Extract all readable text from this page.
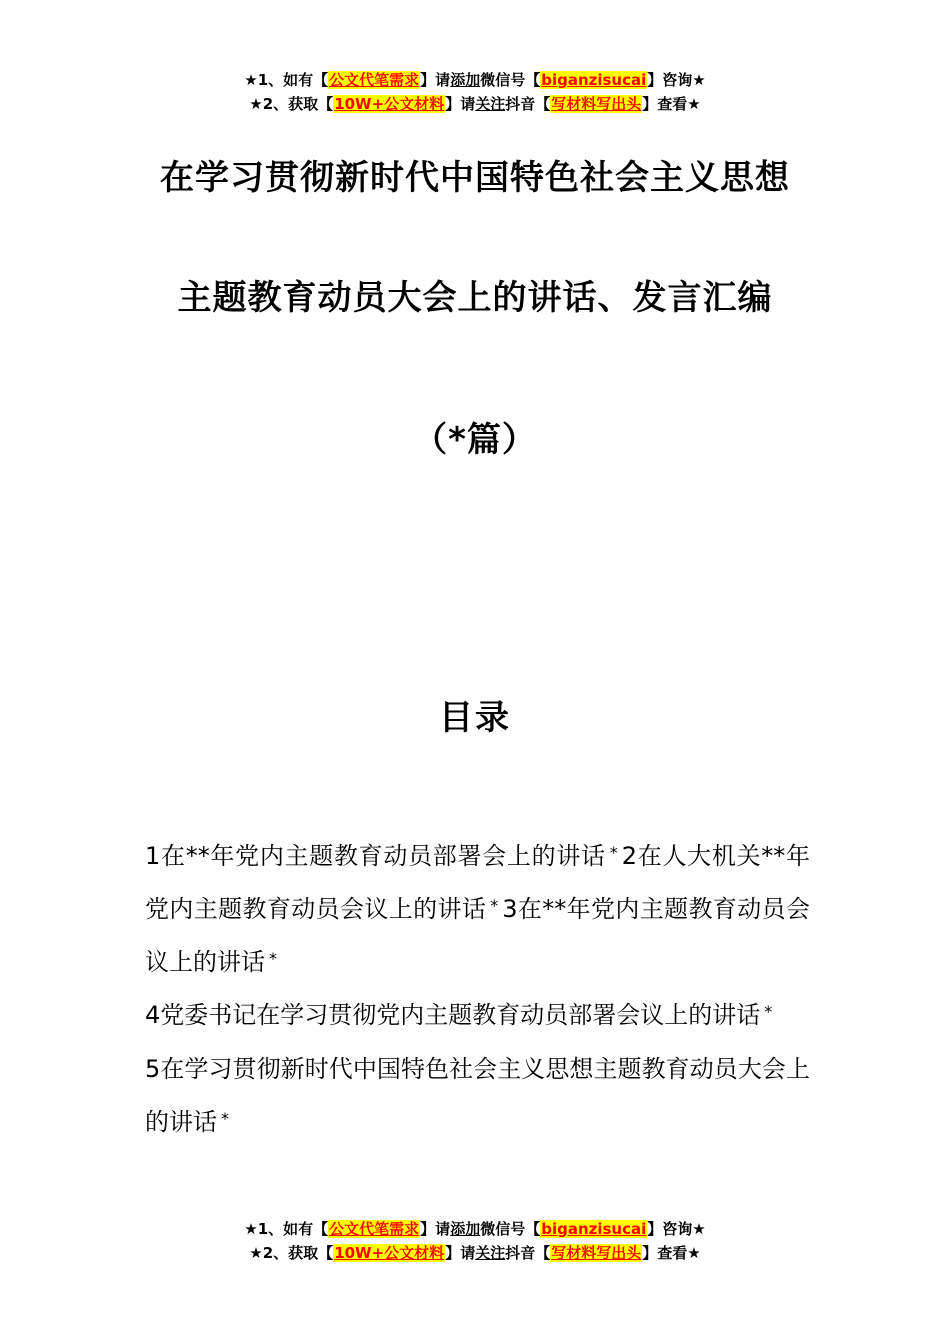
★1、如有【公文代笔需求】请添加微信号【biganzisucai】咨询★
★2、获取【10W+公文材料】请关注抖音【写材料写出头】查看★
在学习贯彻新时代中国特色社会主义思想
主题教育动员大会上的讲话、发言汇编
（*篇）
目录
1在**年党内主题教育动员部署会上的讲话 * 2在人大机关**年党内主题教育动员会议上的讲话 * 3在**年党内主题教育动员会议上的讲话 *
4党委书记在学习贯彻党内主题教育动员部署会议上的讲话 *
5在学习贯彻新时代中国特色社会主义思想主题教育动员大会上的讲话 *
★1、如有【公文代笔需求】请添加微信号【biganzisucai】咨询★
★2、获取【10W+公文材料】请关注抖音【写材料写出头】查看★
